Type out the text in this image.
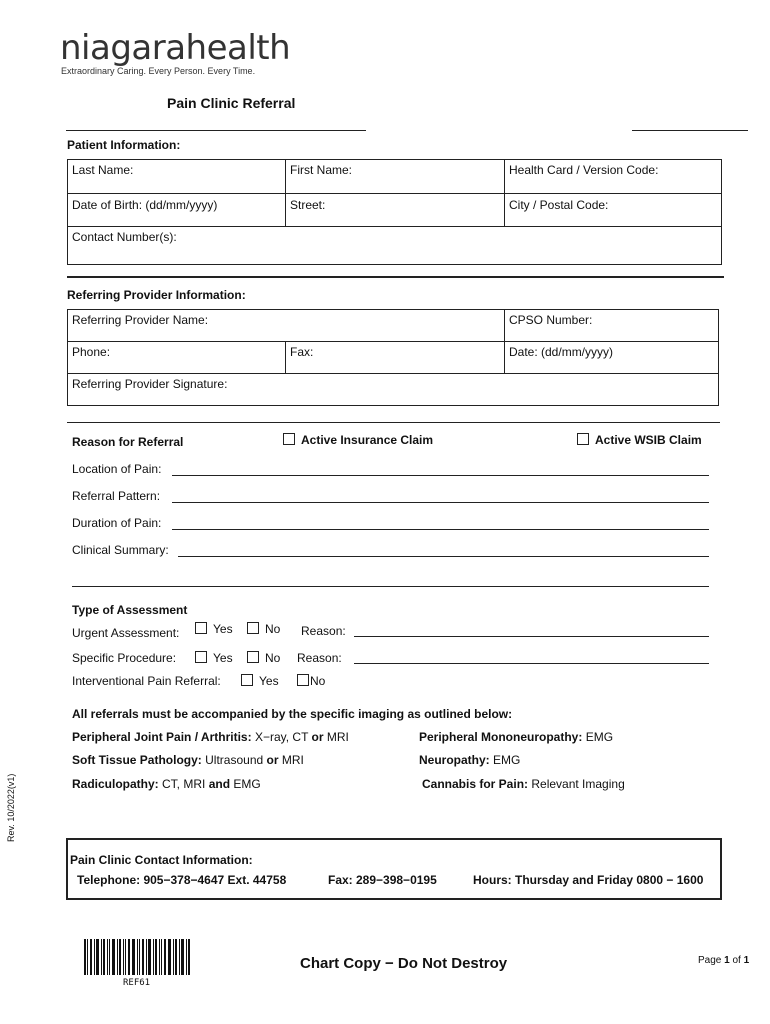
niagarahealth
Extraordinary Caring. Every Person. Every Time.
Pain Clinic Referral
Patient Information:
Last Name:	First Name:	Health Card / Version Code:
Date of Birth: (dd/mm/yyyy)	Street:	City / Postal Code:
Contact Number(s):
Referring Provider Information:
Referring Provider Name:	CPSO Number:
Phone:	Fax:	Date: (dd/mm/yyyy)
Referring Provider Signature:
Reason for Referral	Active Insurance Claim	Active WSIB Claim
Location of Pain:
Referral Pattern:
Duration of Pain:
Clinical Summary:
Type of Assessment
Urgent Assessment:	Yes	No Reason:
Specific Procedure:	Yes	No Reason:
Interventional Pain Referral:	Yes	No
All referrals must be accompanied by the specific imaging as outlined below:
Peripheral Joint Pain / Arthritis: X−ray, CT or MRI	Peripheral Mononeuropathy: EMG
Soft Tissue Pathology: Ultrasound or MRI	Neuropathy: EMG
Radiculopathy: CT, MRI and EMG	Cannabis for Pain: Relevant Imaging
Rev. 10/2022(v1)
Pain Clinic Contact Information:
Telephone: 905−378−4647 Ext. 44758	Fax: 289−398−0195	Hours: Thursday and Friday 0800 − 1600
REF61
Chart Copy − Do Not Destroy	Page 1 of 1
